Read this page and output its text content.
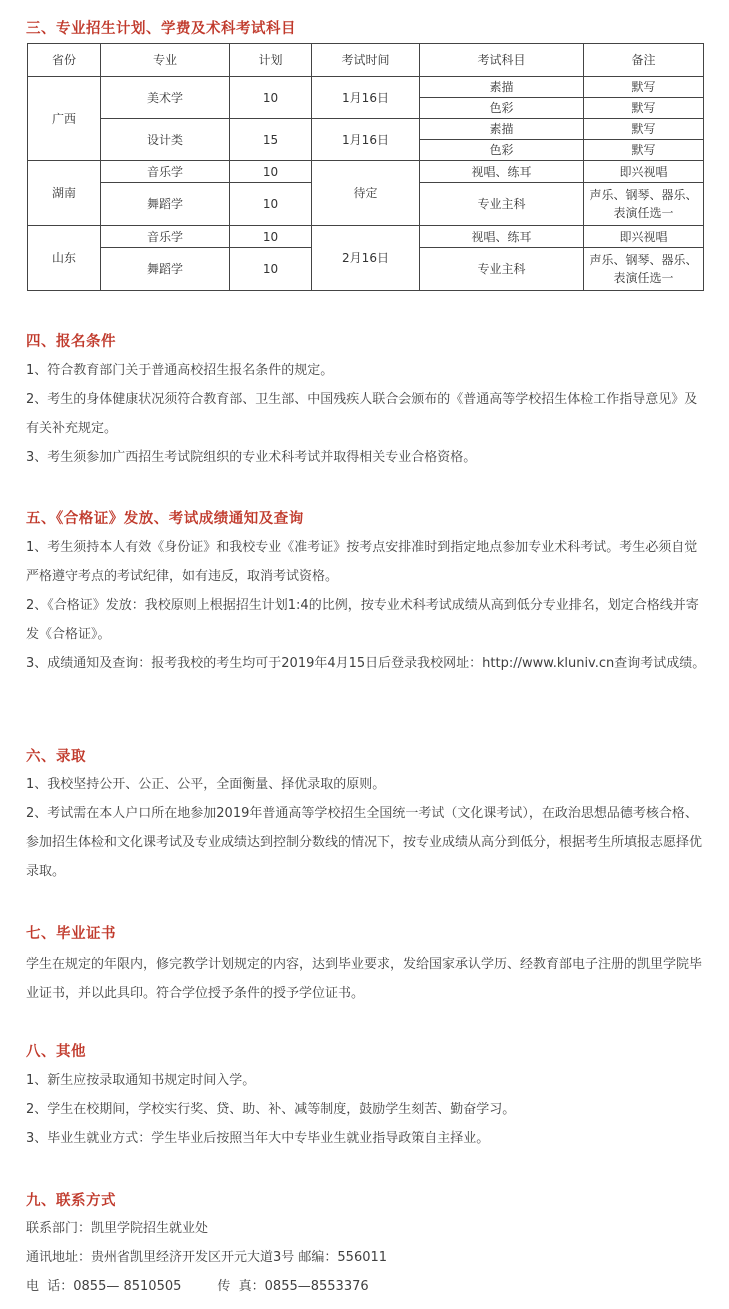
三、专业招生计划、学费及术科考试科目
省份	专业	计划	考试时间	考试科目	备注
广西	美术学	10	1月16日	素描	默写
				色彩	默写
	设计类	15	1月16日	素描	默写
				色彩	默写
湖南	音乐学	10	待定	视唱、练耳	即兴视唱
	舞蹈学	10		专业主科	声乐、钢琴、器乐、表演任选一
山东	音乐学	10	2月16日	视唱、练耳	即兴视唱
	舞蹈学	10		专业主科	声乐、钢琴、器乐、表演任选一
四、报名条件

1、符合教育部门关于普通高校招生报名条件的规定。

2、考生的身体健康状况须符合教育部、卫生部、中国残疾人联合会颁布的《普通高等学校招生体检工作指导意见》及有关补充规定。

3、考生须参加广西招生考试院组织的专业术科考试并取得相关专业合格资格。

五、《合格证》发放、考试成绩通知及查询

1、考生须持本人有效《身份证》和我校专业《准考证》按考点安排准时到指定地点参加专业术科考试。考生必须自觉严格遵守考点的考试纪律，如有违反，取消考试资格。

2、《合格证》发放：我校原则上根据招生计划1:4的比例，按专业术科考试成绩从高到低分专业排名，划定合格线并寄发《合格证》。

3、成绩通知及查询：报考我校的考生均可于2019年4月15日后登录我校网址：http://www.kluniv.cn查询考试成绩。

六、录取

1、我校坚持公开、公正、公平，全面衡量、择优录取的原则。

2、考试需在本人户口所在地参加2019年普通高等学校招生全国统一考试（文化课考试），在政治思想品德考核合格、参加招生体检和文化课考试及专业成绩达到控制分数线的情况下，按专业成绩从高分到低分，根据考生所填报志愿择优录取。

七、毕业证书

学生在规定的年限内，修完教学计划规定的内容，达到毕业要求，发给国家承认学历、经教育部电子注册的凯里学院毕业证书，并以此具印。符合学位授予条件的授予学位证书。

八、其他

1、新生应按录取通知书规定时间入学。

2、学生在校期间，学校实行奖、贷、助、补、减等制度，鼓励学生刻苦、勤奋学习。

3、毕业生就业方式：学生毕业后按照当年大中专毕业生就业指导政策自主择业。

九、联系方式

联系部门：凯里学院招生就业处

通讯地址：贵州省凯里经济开发区开元大道3号 邮编：556011

电  话：0855— 8510505	传  真：0855—8553376
